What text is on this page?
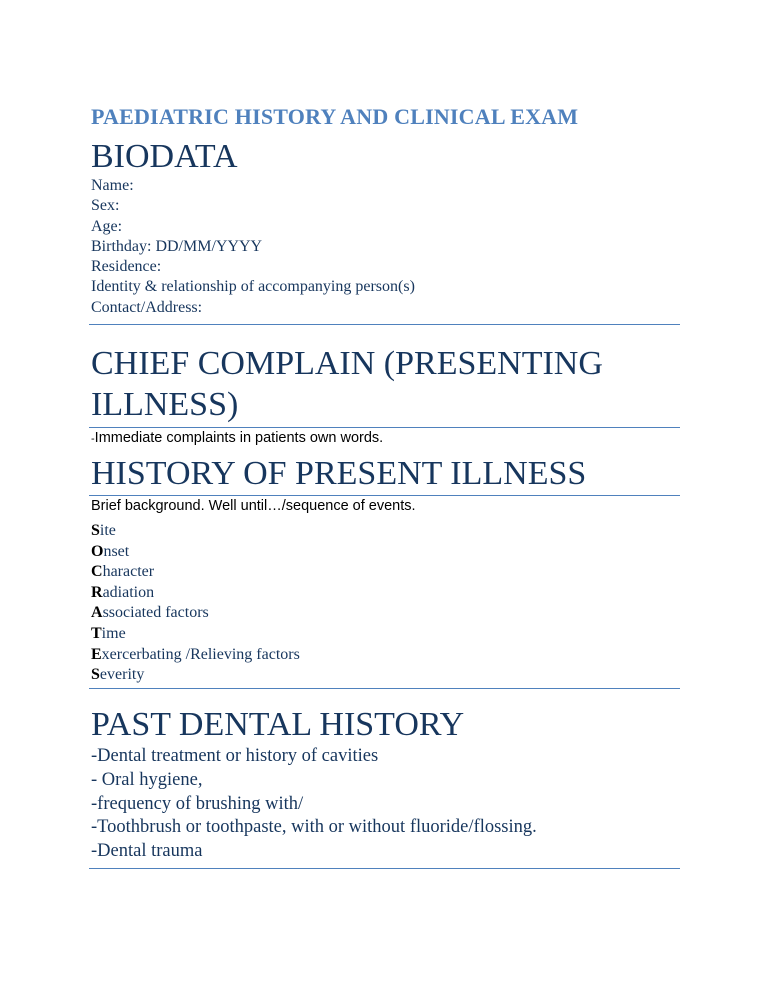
PAEDIATRIC HISTORY AND CLINICAL EXAM
BIODATA
Name:
Sex:
Age:
Birthday: DD/MM/YYYY
Residence:
Identity & relationship of accompanying person(s)
Contact/Address:
CHIEF COMPLAIN (PRESENTING
ILLNESS)
-Immediate complaints in patients own words.
HISTORY OF PRESENT ILLNESS
Brief background. Well until…/sequence of events.
Site
Onset
Character
Radiation
Associated factors
Time
Exercerbating /Relieving factors
Severity
PAST DENTAL HISTORY
-Dental treatment or history of cavities
- Oral hygiene,
-frequency of brushing with/
-Toothbrush or toothpaste, with or without fluoride/flossing.
-Dental trauma
